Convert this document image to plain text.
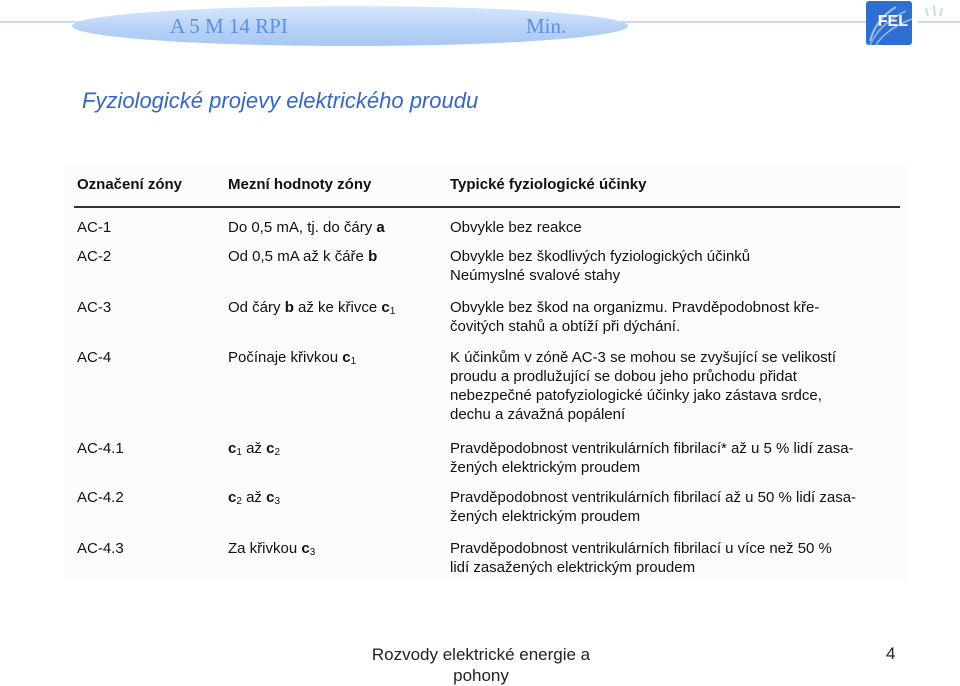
A 5 M 14 RPI	Min.	FEL
Fyziologické projevy elektrického proudu
Označení zóny	Mezní hodnoty zóny	Typické fyziologické účinky
AC-1	Do 0,5 mA, tj. do čáry a	Obvykle bez reakce
AC-2	Od 0,5 mA až k čáře b	Obvykle bez škodlivých fyziologických účinků
Neúmyslné svalové stahy
AC-3	Od čáry b až ke křivce $c_1$	Obvykle bez škod na organizmu. Pravděpodobnost kře-
čovitých stahů a obtíží při dýchání.
AC-4	Počínaje křivkou $c_1$	K účinkům v zóně AC-3 se mohou se zvyšující se velikostí
proudu a prodlužující se dobou jeho průchodu přidat
nebezpečné patofyziologické účinky jako zástava srdce,
dechu a závažná popálení
AC-4.1	$c_1$ až $c_2$	Pravděpodobnost ventrikulárních fibrilací* až u 5 % lidí zasa-
žených elektrickým proudem
AC-4.2	$c_2$ až $c_3$	Pravděpodobnost ventrikulárních fibrilací až u 50 % lidí zasa-
žených elektrickým proudem
AC-4.3	Za křivkou $c_3$	Pravděpodobnost ventrikulárních fibrilací u více než 50 %
lidí zasažených elektrickým proudem
Rozvody elektrické energie a pohony
4
